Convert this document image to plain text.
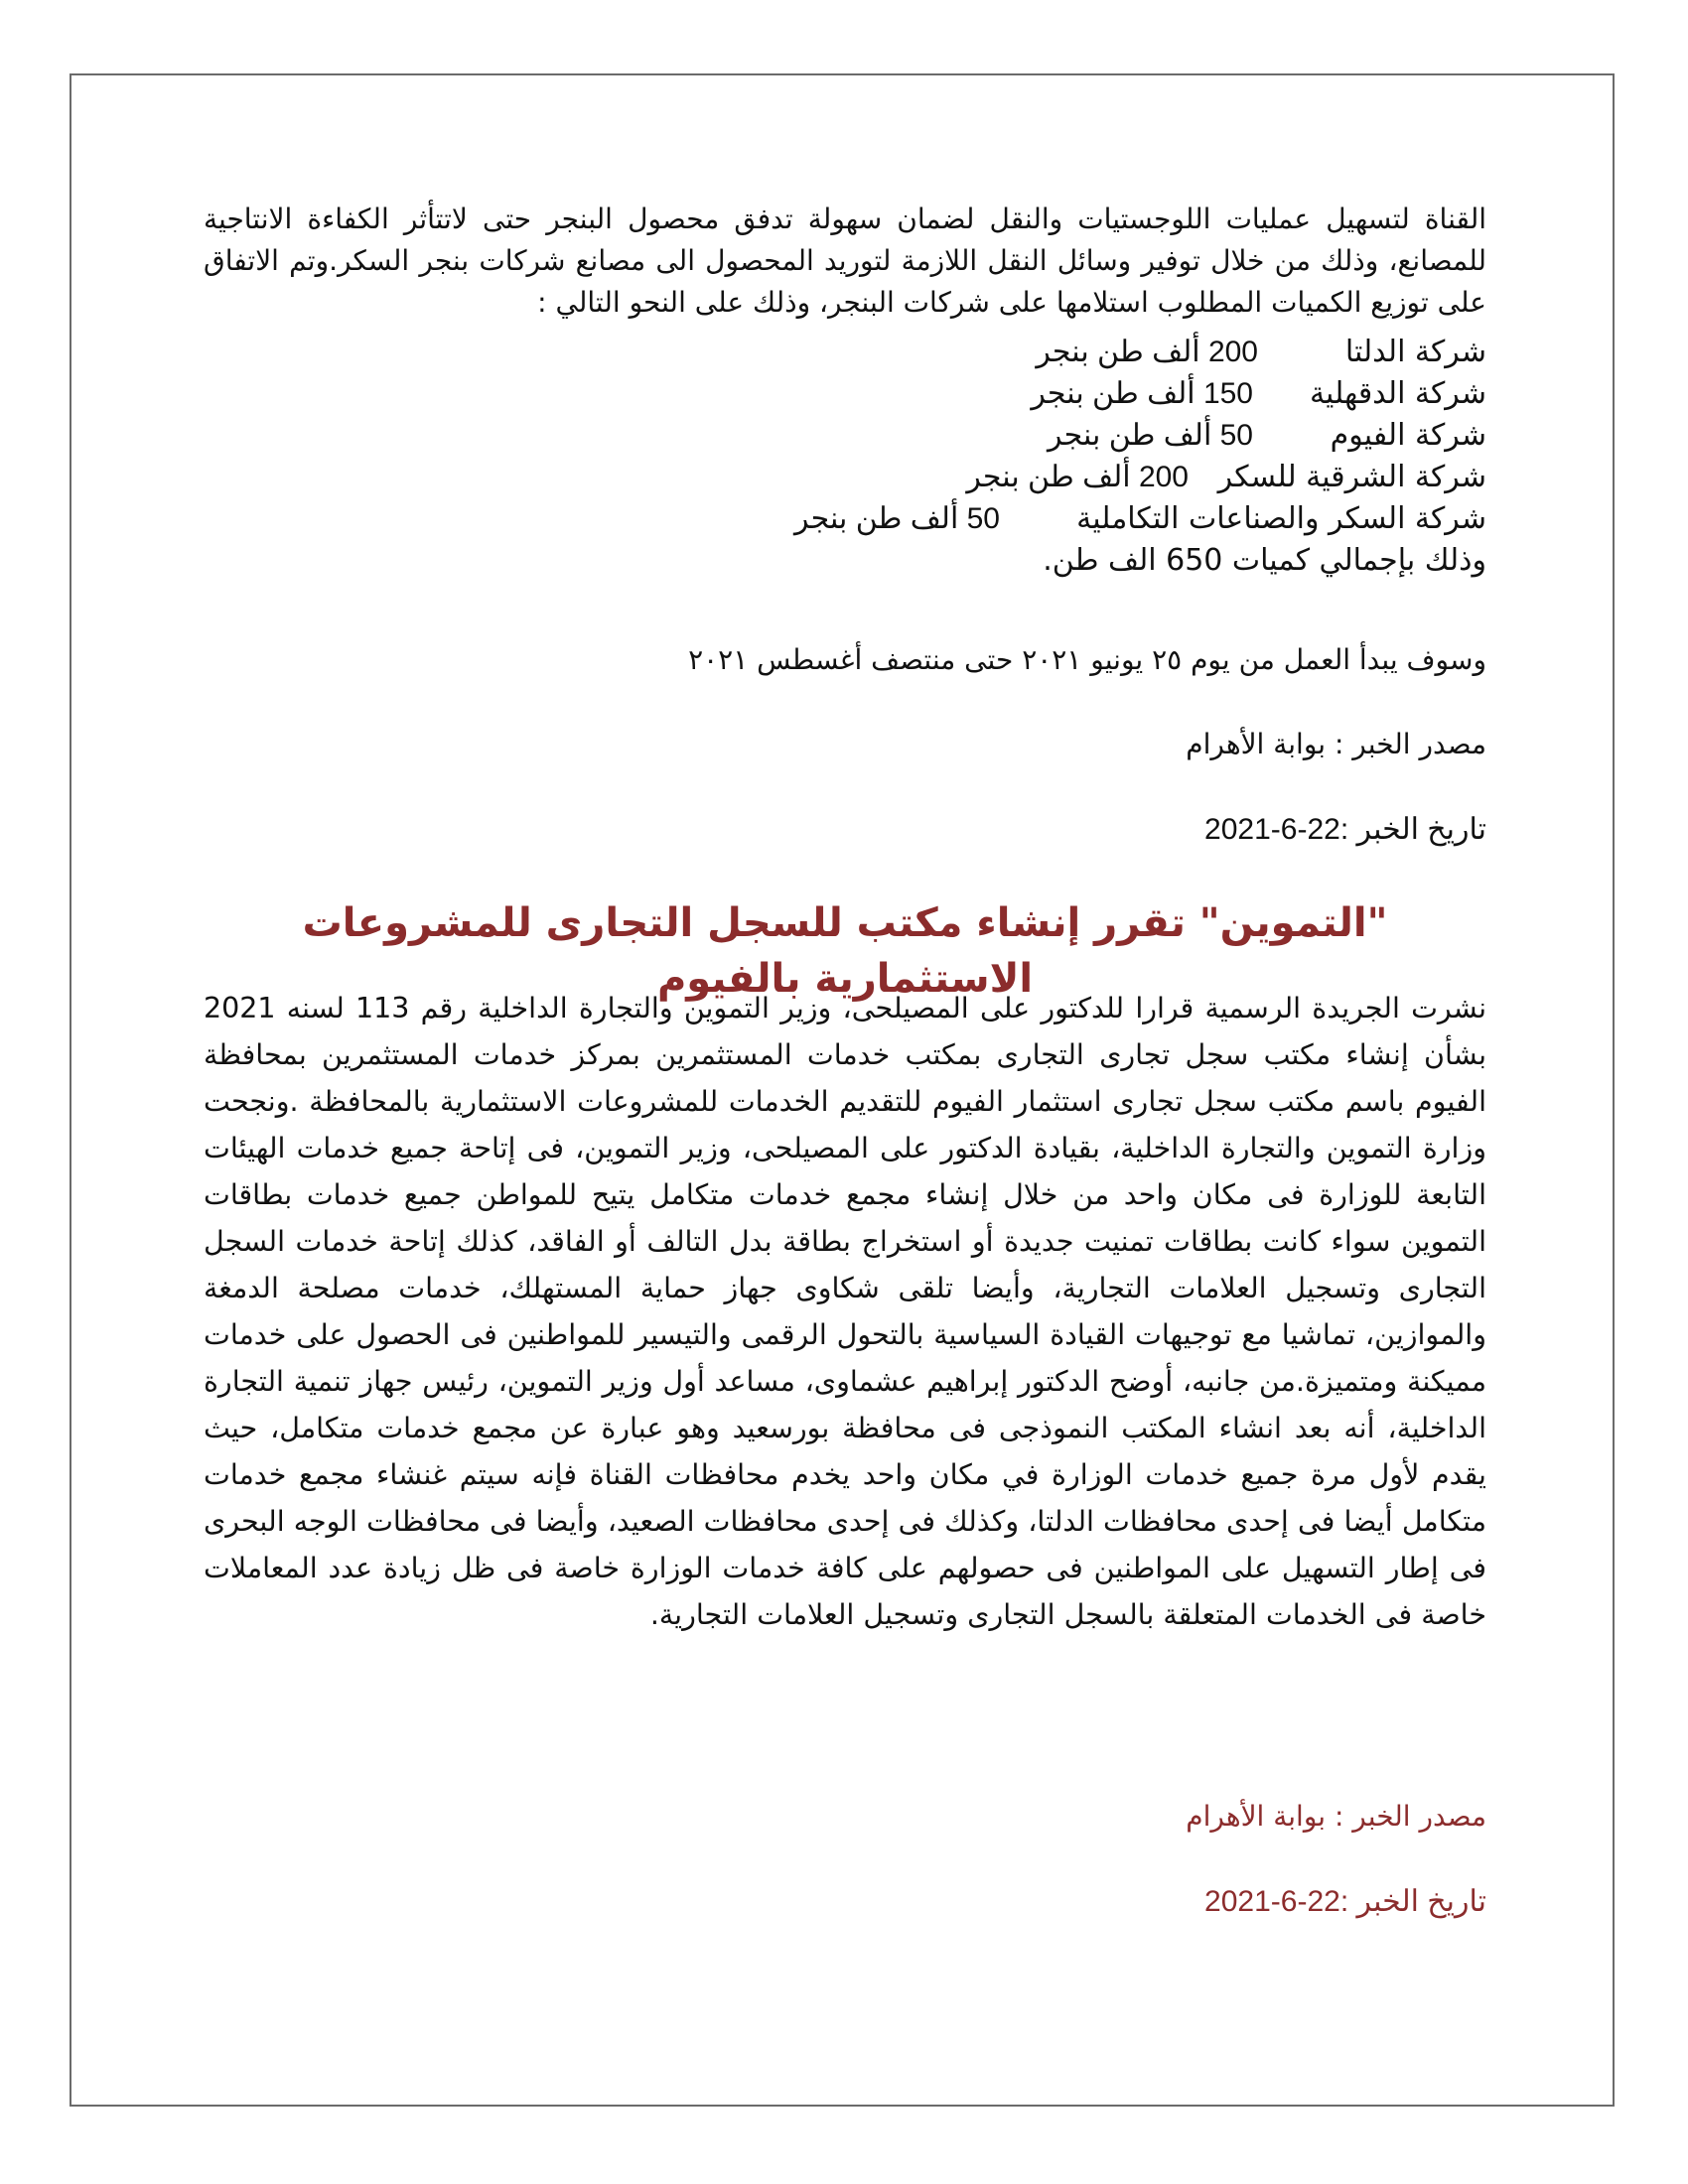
القناة لتسهيل عمليات اللوجستيات والنقل لضمان سهولة تدفق محصول البنجر حتى لاتتأثر الكفاءة الانتاجية للمصانع، وذلك من خلال توفير وسائل النقل اللازمة لتوريد المحصول الى مصانع شركات بنجر السكر.وتم الاتفاق على توزيع الكميات المطلوب استلامها على شركات البنجر، وذلك على النحو التالي :
شركة الدلتا
200 ألف طن بنجر
شركة الدقهلية
150 ألف طن بنجر
شركة الفيوم
50 ألف طن بنجر
شركة الشرقية للسكر
200 ألف طن بنجر
شركة السكر والصناعات التكاملية
50 ألف طن بنجر
وذلك بإجمالي كميات 650 الف طن.
وسوف يبدأ العمل من يوم ٢٥ يونيو ٢٠٢١ حتى منتصف أغسطس ٢٠٢١
مصدر الخبر : بوابة الأهرام
تاريخ الخبر :22-6-2021
"التموين" تقرر إنشاء مكتب للسجل التجارى للمشروعات الاستثمارية بالفيوم
نشرت الجريدة الرسمية قرارا للدكتور على المصيلحى، وزير التموين والتجارة الداخلية رقم 113 لسنه 2021 بشأن إنشاء مكتب سجل تجارى التجارى بمكتب خدمات المستثمرين بمركز خدمات المستثمرين بمحافظة الفيوم باسم مكتب سجل تجارى استثمار الفيوم للتقديم الخدمات للمشروعات الاستثمارية بالمحافظة .ونجحت وزارة التموين والتجارة الداخلية، بقيادة الدكتور على المصيلحى، وزير التموين، فى إتاحة جميع خدمات الهيئات التابعة للوزارة فى مكان واحد من خلال إنشاء مجمع خدمات متكامل يتيح للمواطن جميع خدمات بطاقات التموين سواء كانت بطاقات تمنيت جديدة أو استخراج بطاقة بدل التالف أو الفاقد، كذلك إتاحة خدمات السجل التجارى وتسجيل العلامات التجارية، وأيضا تلقى شكاوى جهاز حماية المستهلك، خدمات مصلحة الدمغة والموازين، تماشيا مع توجيهات القيادة السياسية بالتحول الرقمى والتيسير للمواطنين فى الحصول على خدمات مميكنة ومتميزة.من جانبه، أوضح الدكتور إبراهيم عشماوى، مساعد أول وزير التموين، رئيس جهاز تنمية التجارة الداخلية، أنه بعد انشاء المكتب النموذجى فى محافظة بورسعيد وهو عبارة عن مجمع خدمات متكامل، حيث يقدم لأول مرة جميع خدمات الوزارة في مكان واحد يخدم محافظات القناة فإنه سيتم غنشاء مجمع خدمات متكامل أيضا فى إحدى محافظات الدلتا، وكذلك فى إحدى محافظات الصعيد، وأيضا فى محافظات الوجه البحرى فى إطار التسهيل على المواطنين فى حصولهم على كافة خدمات الوزارة خاصة فى ظل زيادة عدد المعاملات خاصة فى الخدمات المتعلقة بالسجل التجارى وتسجيل العلامات التجارية.
مصدر الخبر : بوابة الأهرام
تاريخ الخبر :22-6-2021
